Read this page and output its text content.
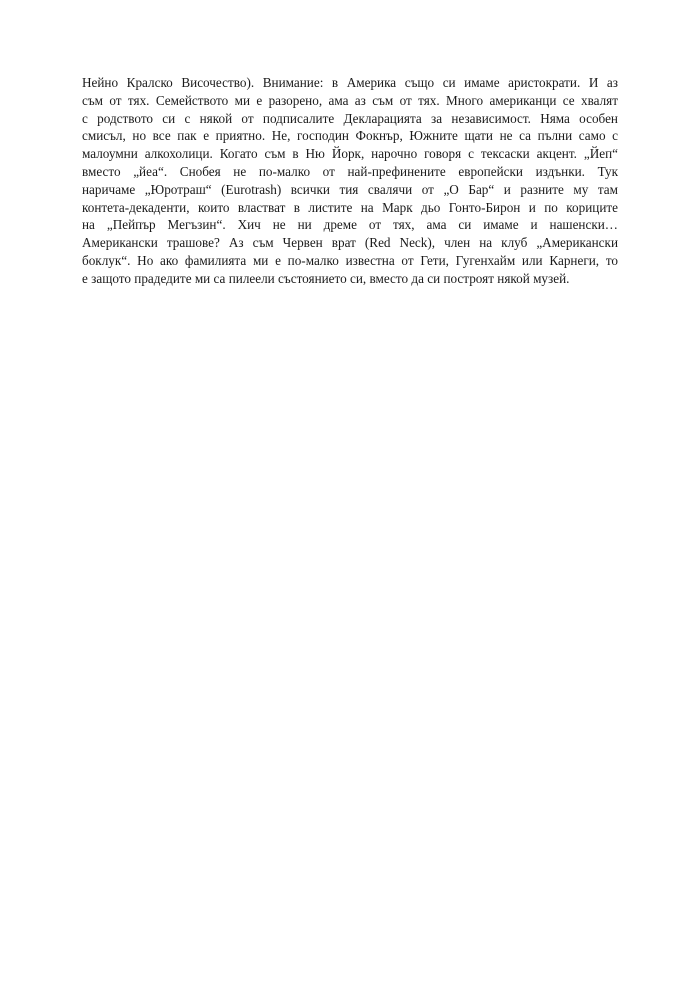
Нейно Кралско Височество). Внимание: в Америка също си имаме аристократи. И аз
съм от тях. Семейството ми е разорено, ама аз съм от тях. Много американци се хвалят
с родството си с някой от подписалите Декларацията за независимост. Няма особен
смисъл, но все пак е приятно. Не, господин Фокнър, Южните щати не са пълни само с
малоумни алкохолици. Когато съм в Ню Йорк, нарочно говоря с тексаски акцент. „Йеп“
вместо „йеа“. Снобея не по-малко от най-префинените европейски издънки. Тук
наричаме „Юротраш“ (Eurotrash) всички тия свалячи от „О Бар“ и разните му там
контета-декаденти, които властват в листите на Марк дьо Гонто-Бирон и по кориците
на „Пейпър Мегъзин“. Хич не ни дреме от тях, ама си имаме и нашенски…
Американски трашове? Аз съм Червен врат (Red Neck), член на клуб „Американски
боклук“. Но ако фамилията ми е по-малко известна от Гети, Гугенхайм или Карнеги, то
е защото прадедите ми са пилеели състоянието си, вместо да си построят някой музей.
